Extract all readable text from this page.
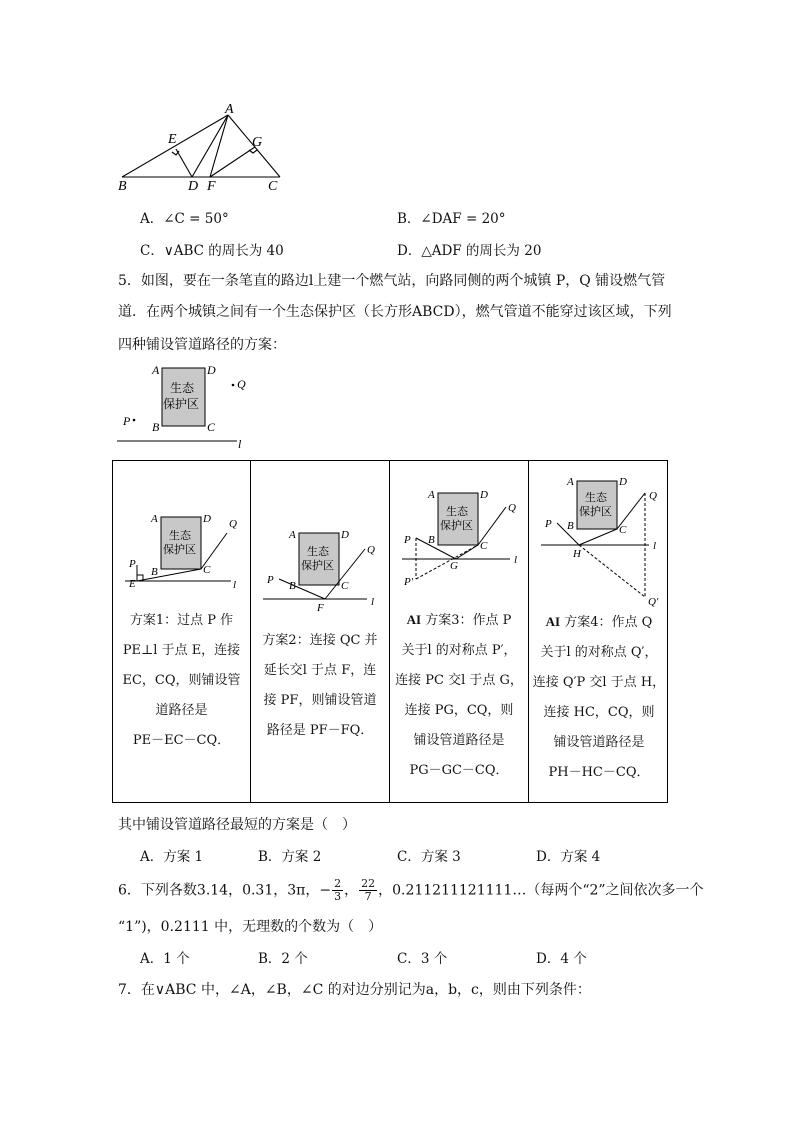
A
E	G
B	D F	C
A．∠C = 50°	B．∠DAF = 20°
C．∨ABC 的周长为 40	D．△ADF 的周长为 20
5．如图，要在一条笔直的路边l上建一个燃气站，向路同侧的两个城镇 P，Q 铺设燃气管
道．在两个城镇之间有一个生态保护区（长方形ABCD），燃气管道不能穿过该区域，下列
四种铺设管道路径的方案：
生态
保护区
A	D
B	C
Q
P
l
生态
保护区
A	D
B	C
Q
P
E	l
方案1：过点 P 作
PE⊥l 于点 E，连接
EC，CQ，则铺设管
道路径是
PE－EC－CQ．
生态
保护区
A	D
B	C
Q
P
F	l
方案2：连接 QC 并
延长交l 于点 F，连
接 PF，则铺设管道
路径是 PF－FQ．
生态
保护区
A	D
B	C
Q
P
P′
G	l
AI 方案3：作点 P
关于l 的对称点 P′，
连接 PC 交l 于点 G，
连接 PG，CQ，则
铺设管道路径是
PG－GC－CQ．
生态
保护区
A	D
B	C
Q
P
H
Q′
l
AI 方案4：作点 Q
关于l 的对称点 Q′，
连接 Q′P 交l 于点 H，
连接 HC，CQ，则
铺设管道路径是
PH－HC－CQ．
其中铺设管道路径最短的方案是（　）
A．方案 1	B．方案 2	C．方案 3	D．方案 4
6．下列各数3.14，0.31，3π，− $\frac{2}{3}$ ， $\frac{22}{7}$ ，0.211211121111…（每两个“2”之间依次多一个
“1”)，0.2111 中，无理数的个数为（　）
A．1 个	B．2 个	C．3 个	D．4 个
7．在∨ABC 中，∠A，∠B，∠C 的对边分别记为a，b，c，则由下列条件：
